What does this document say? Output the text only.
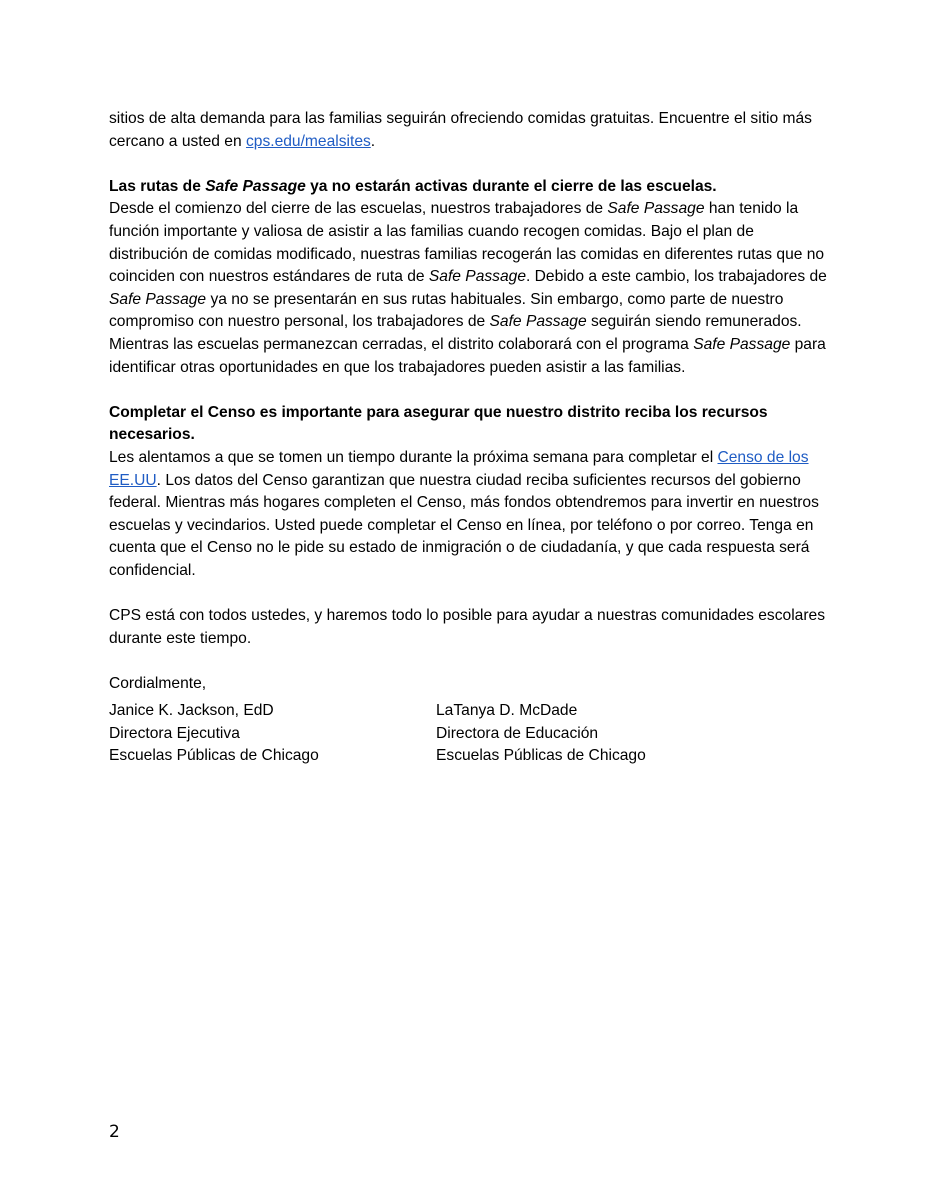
sitios de alta demanda para las familias seguirán ofreciendo comidas gratuitas. Encuentre el sitio más cercano a usted en cps.edu/mealsites.

Las rutas de Safe Passage ya no estarán activas durante el cierre de las escuelas.

Desde el comienzo del cierre de las escuelas, nuestros trabajadores de Safe Passage han tenido la función importante y valiosa de asistir a las familias cuando recogen comidas. Bajo el plan de distribución de comidas modificado, nuestras familias recogerán las comidas en diferentes rutas que no coinciden con nuestros estándares de ruta de Safe Passage. Debido a este cambio, los trabajadores de Safe Passage ya no se presentarán en sus rutas habituales. Sin embargo, como parte de nuestro compromiso con nuestro personal, los trabajadores de Safe Passage seguirán siendo remunerados. Mientras las escuelas permanezcan cerradas, el distrito colaborará con el programa Safe Passage para identificar otras oportunidades en que los trabajadores pueden asistir a las familias.

Completar el Censo es importante para asegurar que nuestro distrito reciba los recursos necesarios.

Les alentamos a que se tomen un tiempo durante la próxima semana para completar el Censo de los EE.UU. Los datos del Censo garantizan que nuestra ciudad reciba suficientes recursos del gobierno federal. Mientras más hogares completen el Censo, más fondos obtendremos para invertir en nuestros escuelas y vecindarios. Usted puede completar el Censo en línea, por teléfono o por correo. Tenga en cuenta que el Censo no le pide su estado de inmigración o de ciudadanía, y que cada respuesta será confidencial.

CPS está con todos ustedes, y haremos todo lo posible para ayudar a nuestras comunidades escolares durante este tiempo.

Cordialmente,

Janice K. Jackson, EdD
Directora Ejecutiva
Escuelas Públicas de Chicago
LaTanya D. McDade
Directora de Educación
Escuelas Públicas de Chicago
2
